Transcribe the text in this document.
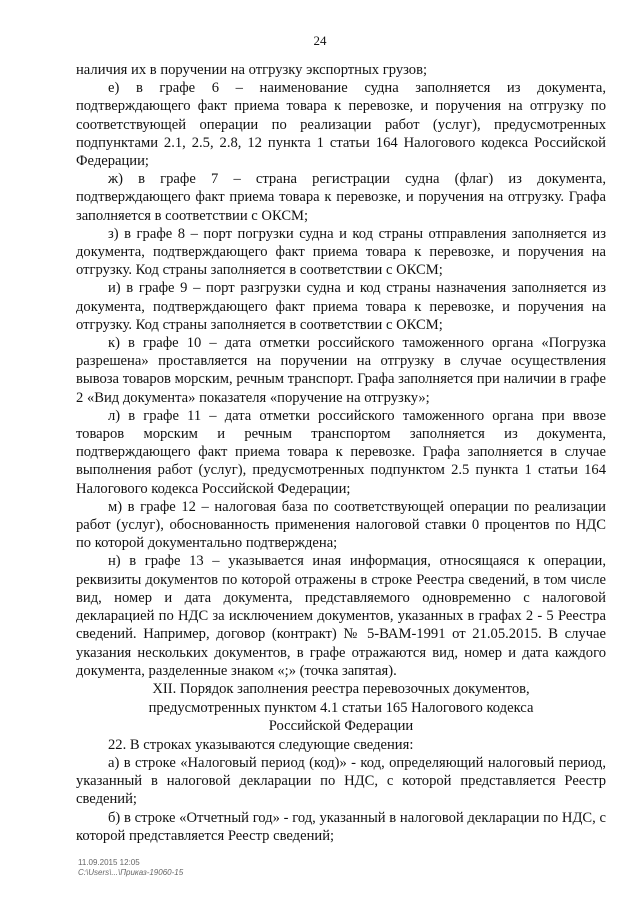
24

наличия их в поручении на отгрузку экспортных грузов;

е) в графе 6 – наименование судна заполняется из документа, подтверждающего факт приема товара к перевозке, и поручения на отгрузку по соответствующей операции по реализации работ (услуг), предусмотренных подпунктами 2.1, 2.5, 2.8, 12 пункта 1 статьи 164 Налогового кодекса Российской Федерации;

ж) в графе 7 – страна регистрации судна (флаг) из документа, подтверждающего факт приема товара к перевозке, и поручения на отгрузку. Графа заполняется в соответствии с ОКСМ;

з) в графе 8 – порт погрузки судна и код страны отправления заполняется из документа, подтверждающего факт приема товара к перевозке, и поручения на отгрузку. Код страны заполняется в соответствии с ОКСМ;

и) в графе 9 – порт разгрузки судна и код страны назначения заполняется из документа, подтверждающего факт приема товара к перевозке, и поручения на отгрузку. Код страны заполняется в соответствии с ОКСМ;

к) в графе 10 – дата отметки российского таможенного органа «Погрузка разрешена» проставляется на поручении на отгрузку в случае осуществления вывоза товаров морским, речным транспорт. Графа заполняется при наличии в графе 2 «Вид документа» показателя «поручение на отгрузку»;

л) в графе 11 – дата отметки российского таможенного органа при ввозе товаров морским и речным транспортом заполняется из документа, подтверждающего факт приема товара к перевозке. Графа заполняется в случае выполнения работ (услуг), предусмотренных подпунктом 2.5 пункта 1 статьи 164 Налогового кодекса Российской Федерации;

м) в графе 12 – налоговая база по соответствующей операции по реализации работ (услуг), обоснованность применения налоговой ставки 0 процентов по НДС по которой документально подтверждена;

н) в графе 13 – указывается иная информация, относящаяся к операции, реквизиты документов по которой отражены в строке Реестра сведений, в том числе вид, номер и дата документа, представляемого одновременно с налоговой декларацией по НДС за исключением документов, указанных в графах 2 - 5 Реестра сведений. Например, договор (контракт) № 5-ВАМ-1991 от 21.05.2015. В случае указания нескольких документов, в графе отражаются вид, номер и дата каждого документа, разделенные знаком «;» (точка запятая).

XII. Порядок заполнения реестра перевозочных документов,
предусмотренных пунктом 4.1 статьи 165 Налогового кодекса
Российской Федерации

22. В строках указываются следующие сведения:

а) в строке «Налоговый период (код)» - код, определяющий налоговый период, указанный в налоговой декларации по НДС, с которой представляется Реестр сведений;

б) в строке «Отчетный год» - год, указанный в налоговой декларации по НДС, с которой представляется Реестр сведений;

11.09.2015 12:05
С:\Users\...\Приказ-19060-15
